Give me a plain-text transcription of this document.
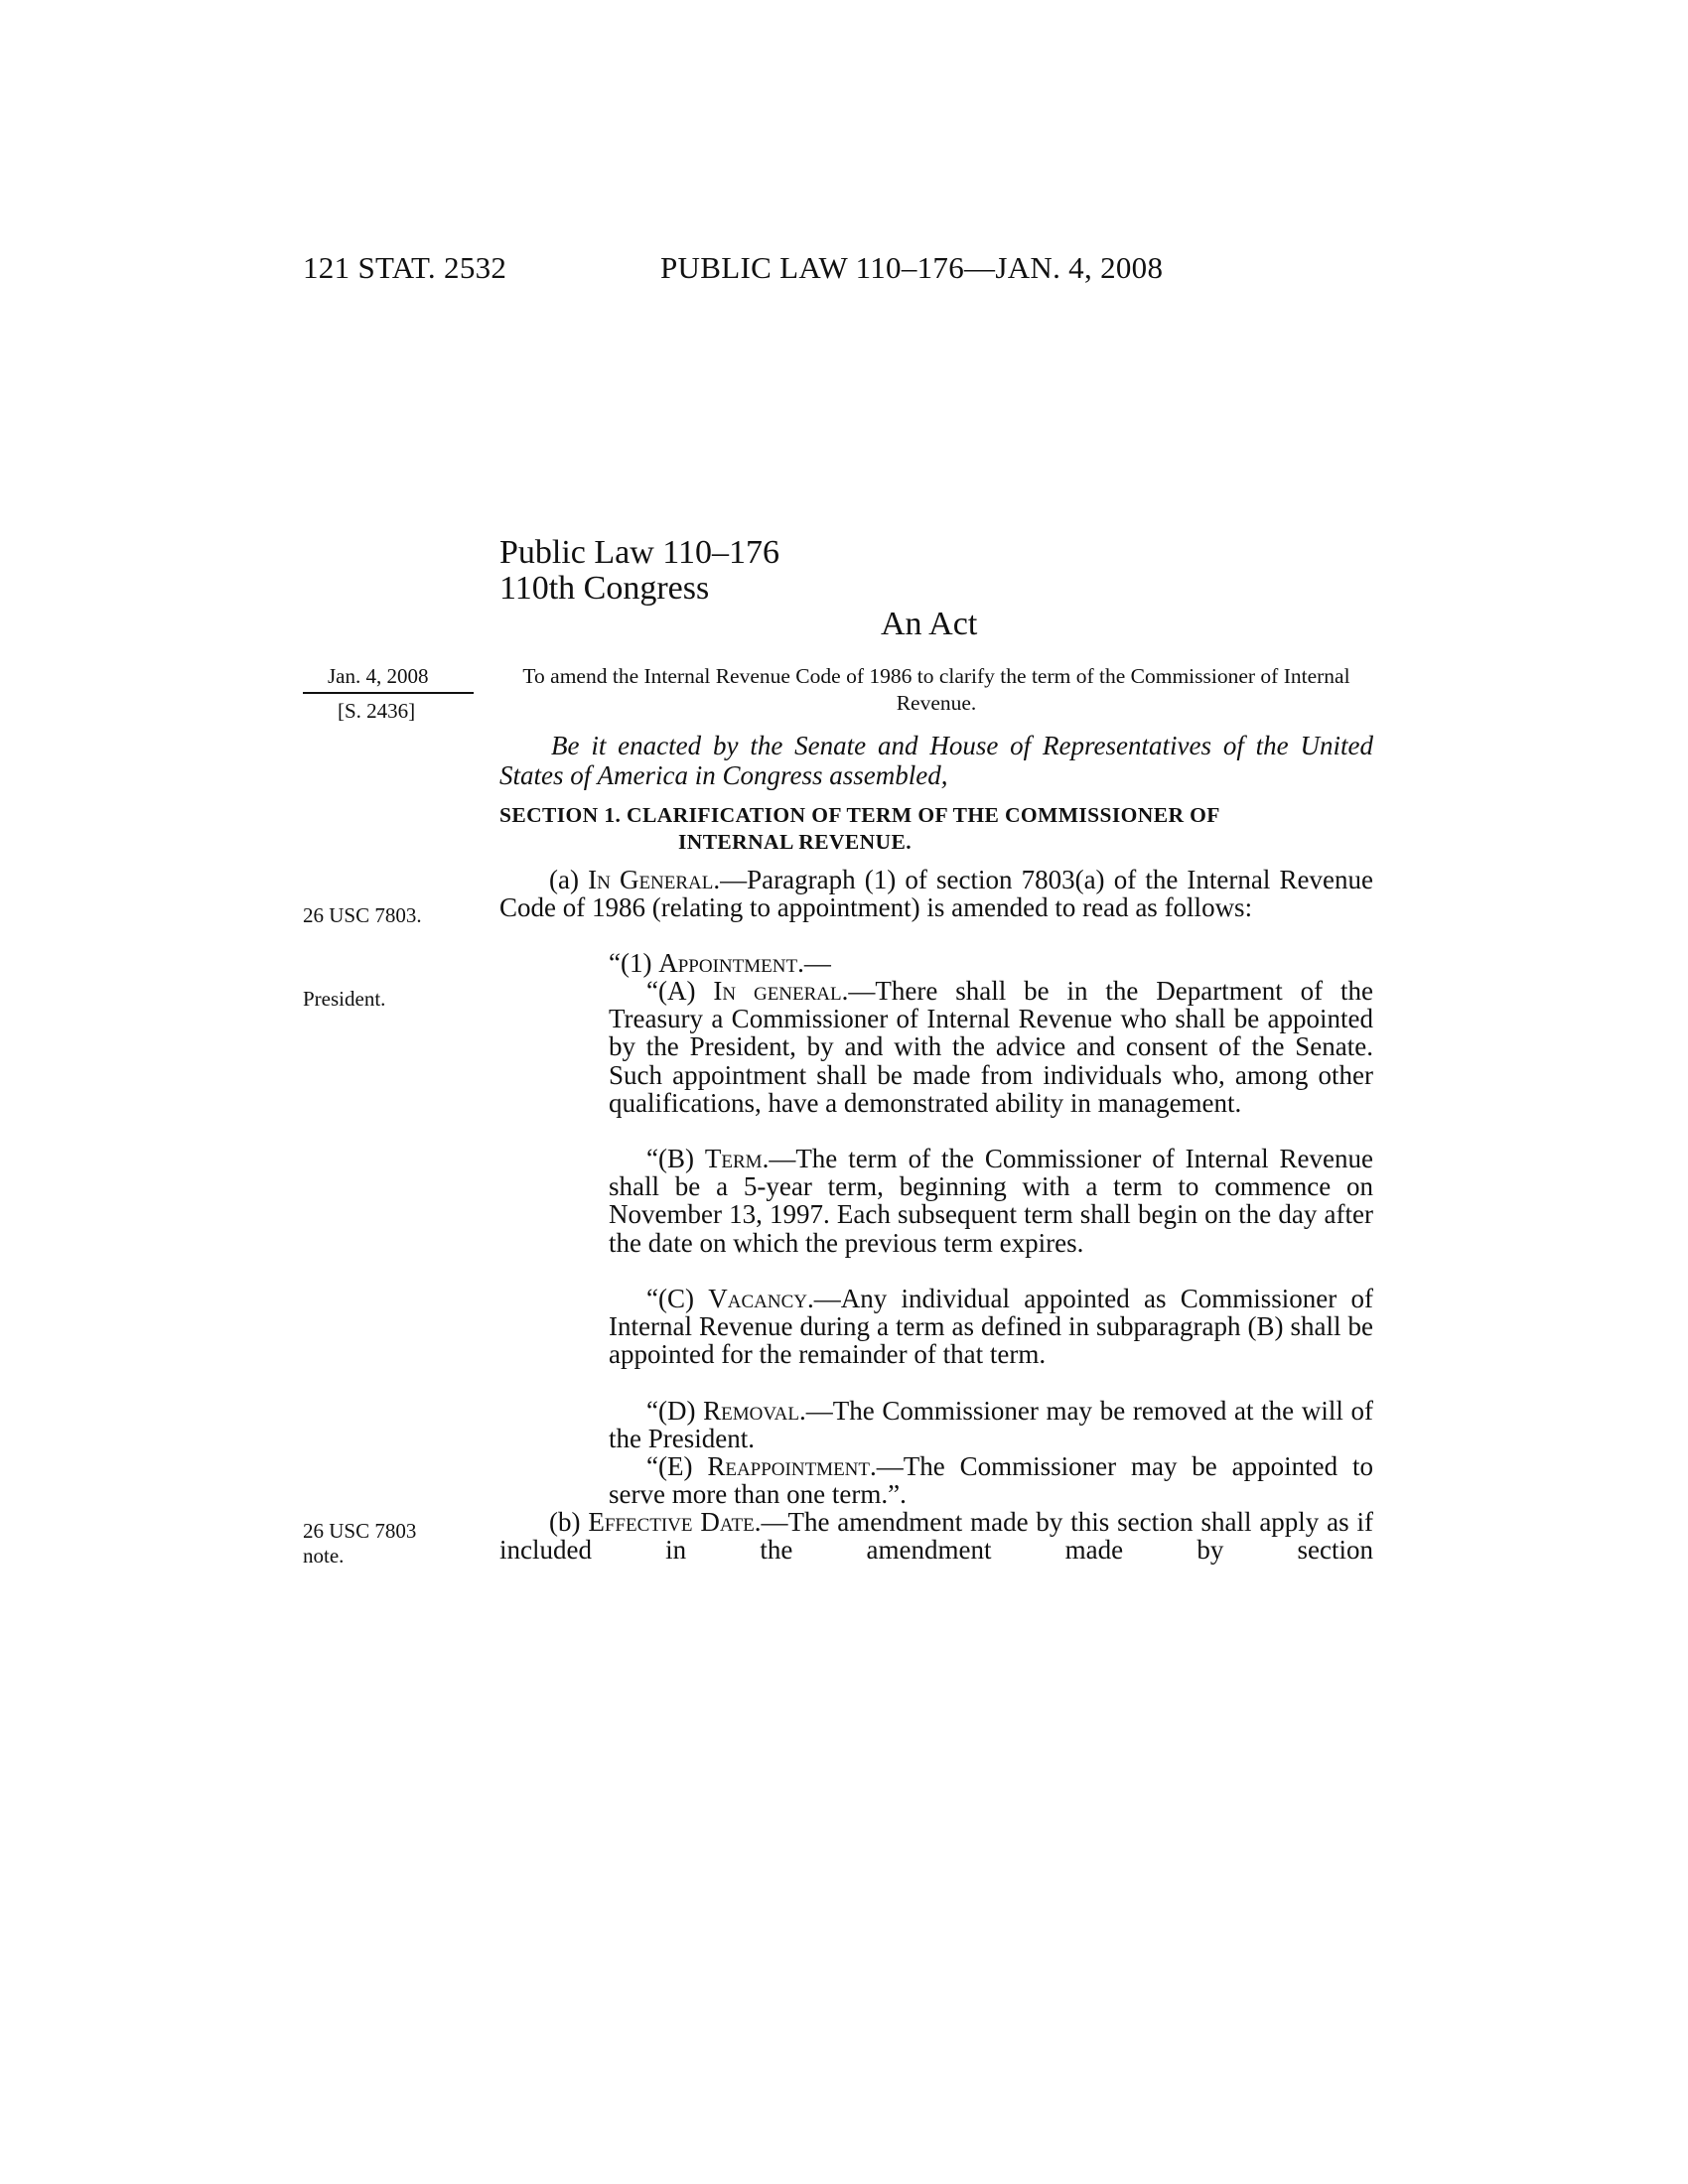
121 STAT. 2532	PUBLIC LAW 110–176—JAN. 4, 2008

Public Law 110–176

110th Congress

An Act

Jan. 4, 2008

[S. 2436]

26 USC 7803.

President.

26 USC 7803

note.

To amend the Internal Revenue Code of 1986 to clarify the term of the Commissioner of Internal Revenue.

Be it enacted by the Senate and House of Representatives of the United States of America in Congress assembled,

SECTION 1. CLARIFICATION OF TERM OF THE COMMISSIONER OF
INTERNAL REVENUE.

(a) In General.—Paragraph (1) of section 7803(a) of the Internal Revenue Code of 1986 (relating to appointment) is amended to read as follows:

“(1) Appointment.—

“(A) In general.—There shall be in the Department of the Treasury a Commissioner of Internal Revenue who shall be appointed by the President, by and with the advice and consent of the Senate. Such appointment shall be made from individuals who, among other qualifications, have a demonstrated ability in management.

“(B) Term.—The term of the Commissioner of Internal Revenue shall be a 5-year term, beginning with a term to commence on November 13, 1997. Each subsequent term shall begin on the day after the date on which the previous term expires.

“(C) Vacancy.—Any individual appointed as Commissioner of Internal Revenue during a term as defined in subparagraph (B) shall be appointed for the remainder of that term.

“(D) Removal.—The Commissioner may be removed at the will of the President.

“(E) Reappointment.—The Commissioner may be appointed to serve more than one term.”.

(b) Effective Date.—The amendment made by this section shall apply as if included in the amendment made by section
